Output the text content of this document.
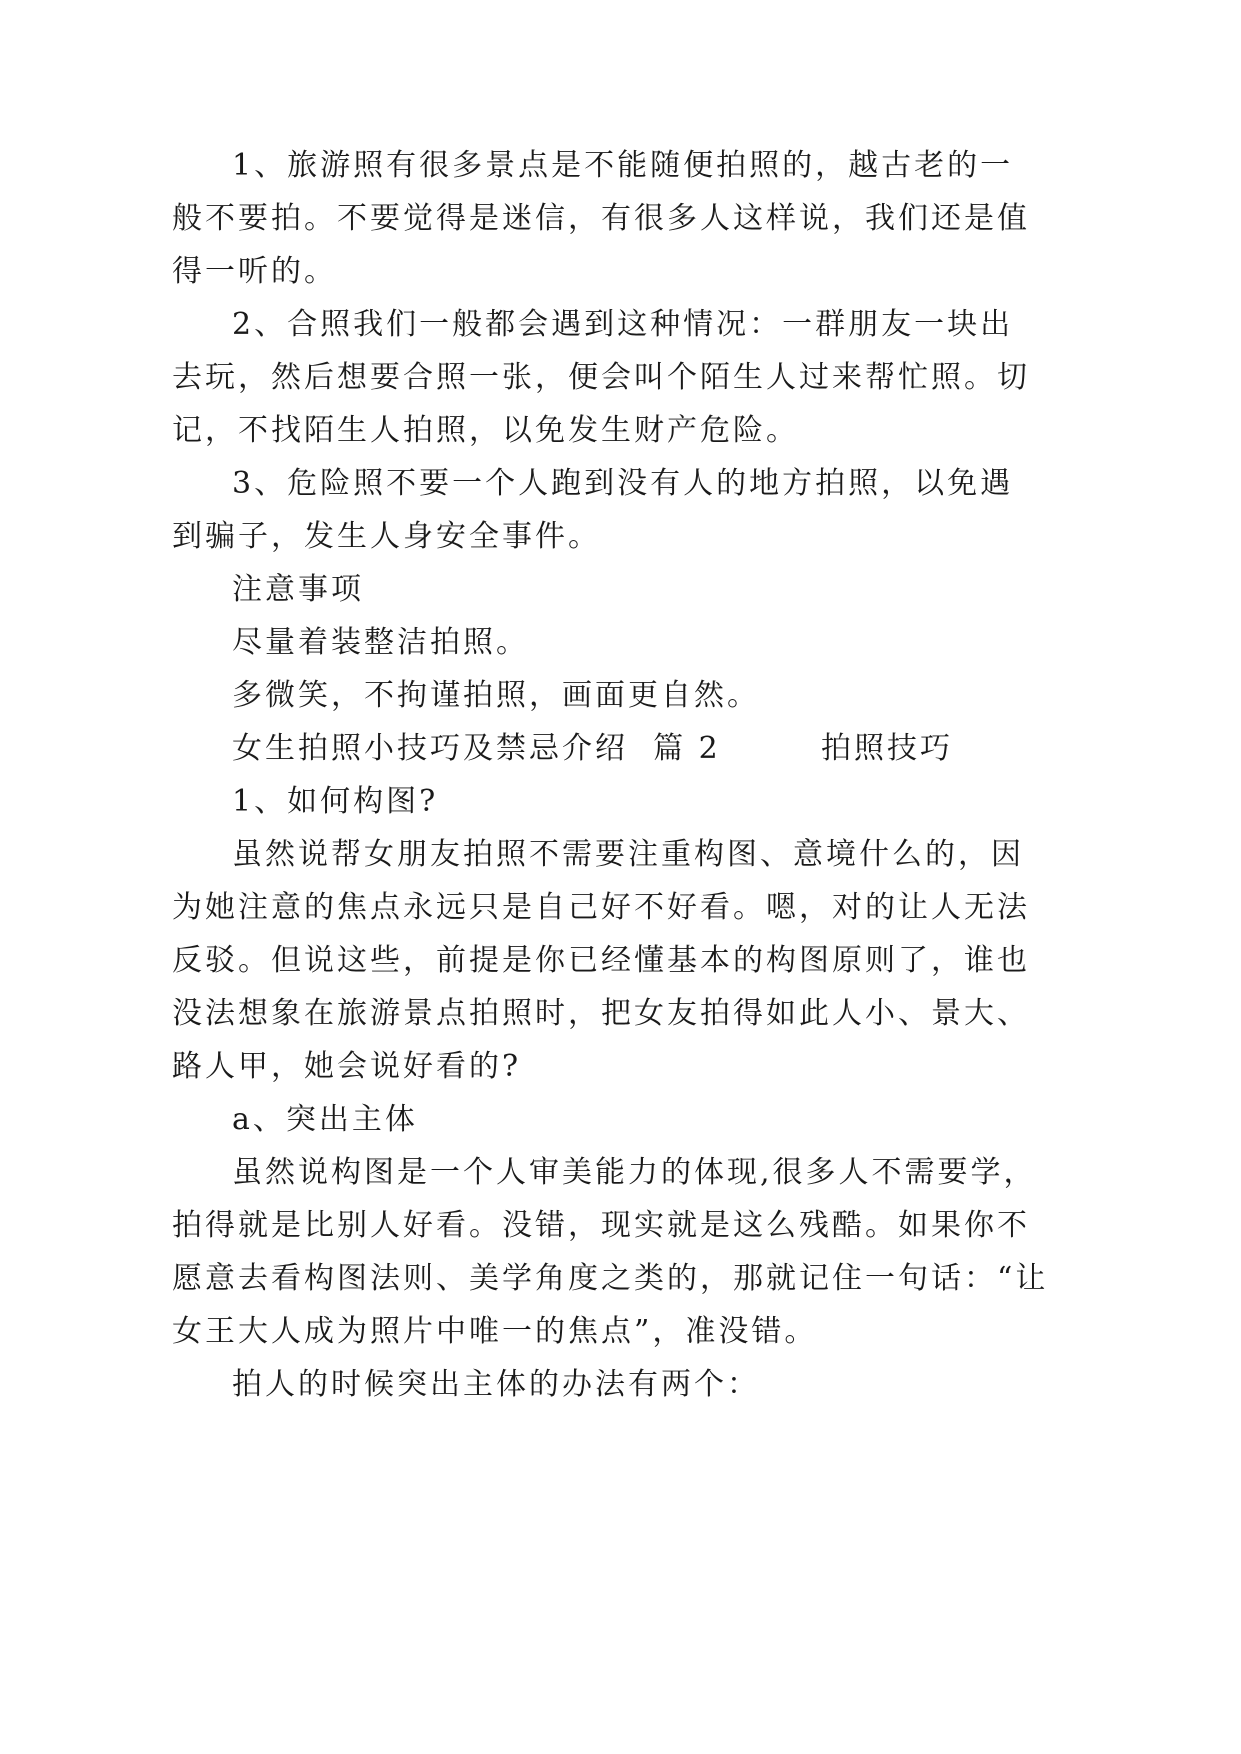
1、旅游照有很多景点是不能随便拍照的，越古老的一
般不要拍。不要觉得是迷信，有很多人这样说，我们还是值
得一听的。
2、合照我们一般都会遇到这种情况：一群朋友一块出
去玩，然后想要合照一张，便会叫个陌生人过来帮忙照。切
记，不找陌生人拍照，以免发生财产危险。
3、危险照不要一个人跑到没有人的地方拍照，以免遇
到骗子，发生人身安全事件。
注意事项
尽量着装整洁拍照。
多微笑，不拘谨拍照，画面更自然。
女生拍照小技巧及禁忌介绍  篇 2        拍照技巧
1、如何构图?
虽然说帮女朋友拍照不需要注重构图、意境什么的，因
为她注意的焦点永远只是自己好不好看。嗯，对的让人无法
反驳。但说这些，前提是你已经懂基本的构图原则了，谁也
没法想象在旅游景点拍照时，把女友拍得如此人小、景大、
路人甲，她会说好看的?
a、突出主体
虽然说构图是一个人审美能力的体现,很多人不需要学，
拍得就是比别人好看。没错，现实就是这么残酷。如果你不
愿意去看构图法则、美学角度之类的，那就记住一句话：“让
女王大人成为照片中唯一的焦点”，准没错。
拍人的时候突出主体的办法有两个：
